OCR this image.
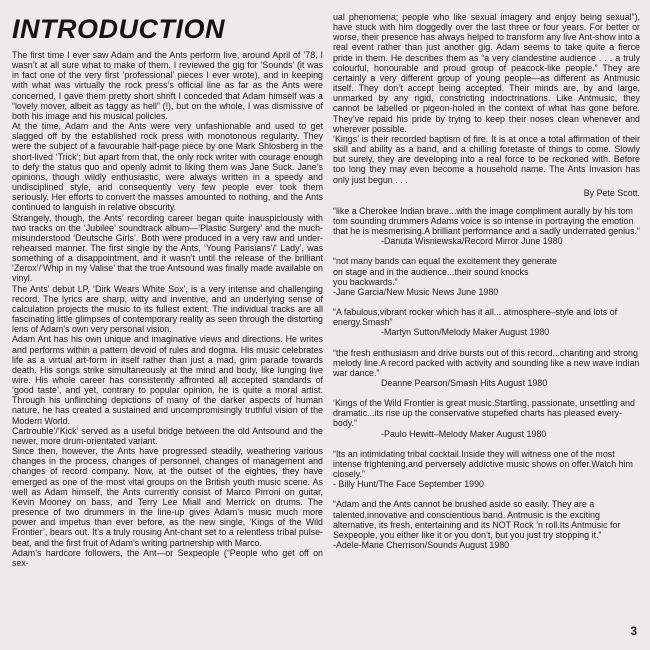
INTRODUCTION

The first time I ever saw Adam and the Ants perform live, around April of ’78, I wasn’t at all sure what to make of them. I reviewed the gig for ‘Sounds’ (it was in fact one of the very first ‘professional’ pieces I ever wrote), and in keeping with what was virtually the rock press’s official line as far as the Ants were concerned, I gave them pretty short shrift I conceded that Adam himself was a “lovely mover, albeit as taggy as hell” (!), but on the whole, I was dismissive of both his image and his musical policies.

At the time, Adam and the Ants were very unfashionable and used to get slagged off by the established rock press with monotonous regularity. They were the subject of a favourable half-page piece by one Mark Shlosberg in the short-lived ‘Trick’; but apart from that, the only rock writer with courage enough to defy the status quo and openly admit to liking them was Jane Suck. Jane’s opinions, though wildly enthusiastic, were always written in a speedy and undisciplined style, and consequently very few people ever took them seriously. Her efforts to convert the masses amounted to nothing, and the Ants continued to languish in relative obscurity.

Strangely, though, the Ants’ recording career began quite inauspiciously with two tracks on the ‘Jubilee’ soundtrack album—‘Plastic Surgery’ and the much-misunderstood ‘Deutsche Girls’. Both were produced in a very raw and under-rehearsed manner. The first single by the Ants, ‘Young Parisians’/‘ Lady’, was something of a disappointment, and it wasn’t until the release of the brilliant ‘Zerox’/‘Whip in my Valise’ that the true Antsound was finally made available on vinyl.

The Ants’ debut LP, ‘Dirk Wears White Sox’, is a very intense and challenging record. The lyrics are sharp, witty and inventive, and an underlying sense of calculation projects the music to its fullest extent. The individual tracks are all fascinating little glimpses of contemporary reality as seen through the distorting lens of Adam’s own very personal vision.

Adam Ant has his own unique and imaginative views and directions. He writes and performs within a pattern devoid of rules and dogma. His music celebrates life as a virtual art-form in itself rather than just a mad, grim parade towards death. His songs strike simultaneously at the mind and body, like lunging live wire. His whole career has consistently affronted all accepted standards of ‘good taste’, and yet, contrary to popular opinion, he is quite a moral artist. Through his unflinching depictions of many of the darker aspects of human nature, he has created a sustained and uncompromisingly truthful vision of the Modern World.

Cartrouble’/‘Kick’ served as a useful bridge between the old Antsound and the newer, more drum-orientated variant.

Since then, however, the Ants have progressed steadily, weathering various changes in the process, changes of personnel, changes of management and changes of record company. Now, at the outset of the eighties, they have emerged as one of the most vital groups on the British youth music scene. As well as Adam himself, the Ants currently consist of Marco Pirroni on guitar, Kevin Mooney on bass, and Terry Lee Miall and Merrick on drums. The presence of two drummers in the line-up gives Adam’s music much more power and impetus than ever before, as the new single, ‘Kings of the Wild Frontier’, bears out. It’s a truly rousing Ant-chant set to a relentless tribal pulse-beat, and the first fruit of Adam’s writing partnership with Marco.

Adam’s hardcore followers, the Ant—or Sexpeople (“People who get off on sex-

ual phenomena; people who like sexual imagery and enjoy being sexual”), have stuck with him doggedly over the last three or four years. For better or worse, their presence has always helped to transform any live Ant-show into a real event rather than just another gig. Adam seems to take quite a fierce pride in them. He describes them as “a very clandestine audience . . . a truly colourful, honourable and proud group of peacock-like people.” They are certainly a very different group of young people—as different as Antmusic itself. They don’t accept being accepted. Their minds are, by and large, unmarked by any rigid, constricting indoctrinations. Like Antmusic, they cannot be labelled or pigeon-holed in the context of what has gone before. They’ve repaid his pride by trying to keep their noses clean whenever and wherever possible.

‘Kings’ is their recorded baptism of fire. It is at once a total affirmation of their skill and ability as a band, and a chilling foretaste of things to come. Slowly but surely, they are developing into a real force to be reckoned with. Before too long they may even become a household name. The Ants Invasion has only just begun . . .

By Pete Scott.

“like a Cherokee Indian brave...with the image compliment aurally by his tom tom sounding drummers Adams voice is so intense in portraying the emotion that he is mesmerising.A brilliant performance and a sadly underrated genius.”

-Danuta Wisniewska/Record Mirror June 1980

“not many bands can equal the excitement they generate
on stage and in the audience...their sound knocks
you backwards.”

-Jane Garcia/New Music News June 1980

“A fabulous,vibrant rocker which has it all... atmosphere–style and lots of energy.Smash”

-Martyn Sutton/Melody Maker August 1980

“the fresh enthusiasm and drive bursts out of this record...chanting and strong melody line.A record packed with activity and sounding like a new wave indian war dance.”

Deanne Pearson/Smash Hits August 1980

‘Kings of the Wild Frontier is great music.Startling, passionate, unsettling and dramatic...its rise up the conservative stupefied charts has pleased every-body.”

-Paulo Hewitt–Melody Maker August 1980

“Its an intimidating tribal cocktail.Inside they will witness one of the most intense frightening,and perversely addictive music shows on offer.Watch him closely.”

- Billy Hunt/The Face September 1990

“Adam and the Ants cannot be brushed aside so easily. They are a talented,innovative and conscientious band. Antmusic is the exciting alternative, its fresh, entertaining and its NOT Rock ’n roll.Its Antmusic for Sexpeople, you either like it or you don’t, but you just try stopping it.”

-Adele-Marie Cherrison/Sounds August 1980

3
